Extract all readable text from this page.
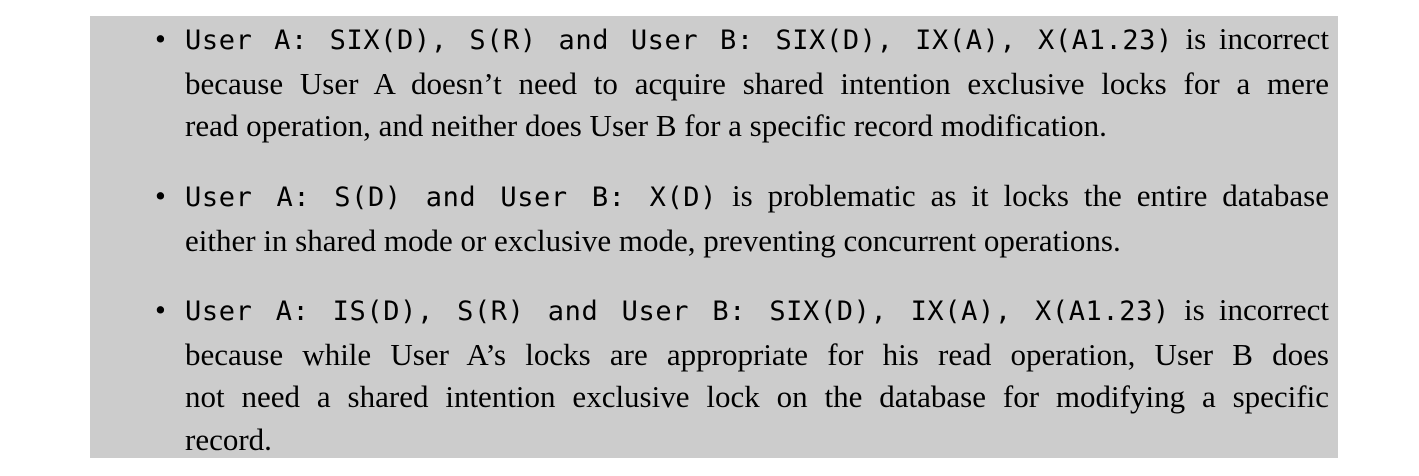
• User A: SIX(D), S(R) and User B: SIX(D), IX(A), X(A1.23) is incorrect
because User A doesn’t need to acquire shared intention exclusive locks for a mere
read operation, and neither does User B for a specific record modification.
• User A: S(D) and User B: X(D) is problematic as it locks the entire database
either in shared mode or exclusive mode, preventing concurrent operations.
• User A: IS(D), S(R) and User B: SIX(D), IX(A), X(A1.23) is incorrect
because while User A’s locks are appropriate for his read operation, User B does
not need a shared intention exclusive lock on the database for modifying a specific
record.
